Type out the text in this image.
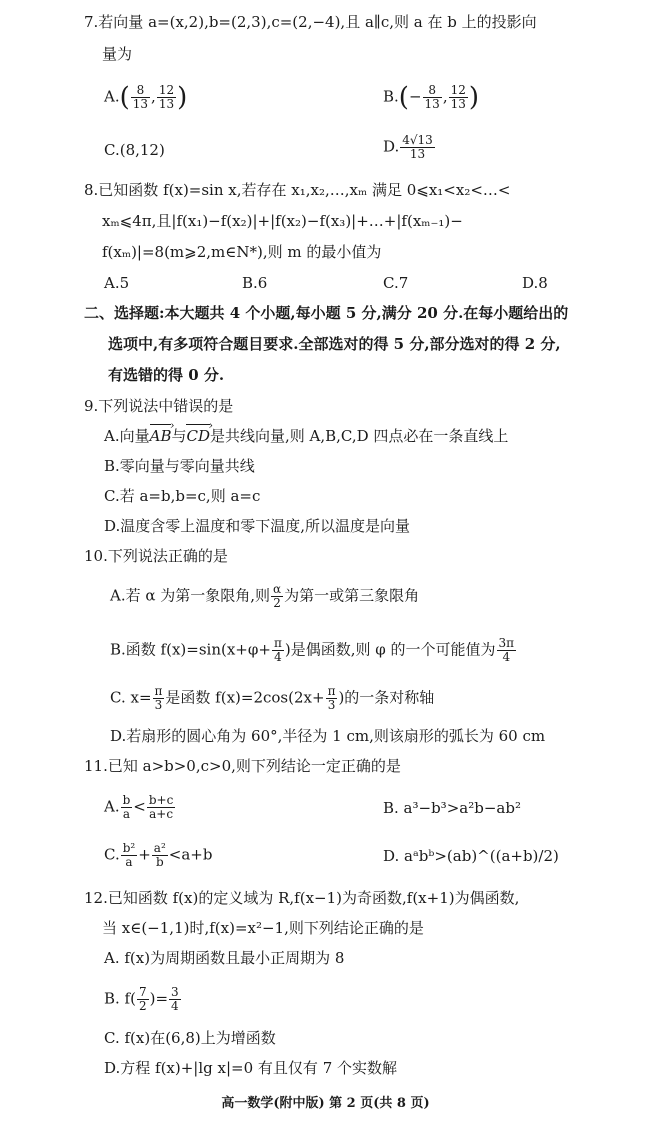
7.若向量 a=(x,2),b=(2,3),c=(2,−4),且 a∥c,则 a 在 b 上的投影向
量为
$A.( \frac{8}{13}$ , $\frac{12}{13}$ )	$B.(- \frac{8}{13}$ , $\frac{12}{13}$ )
C.(8,12)	D. $\frac{4√13}{13}$
8.已知函数 f(x)=sin x,若存在 x₁,x₂,…,xₘ 满足 0⩽x₁<x₂<…<
xₘ⩽4π,且|f(x₁)−f(x₂)|+|f(x₂)−f(x₃)|+…+|f(xₘ₋₁)−
f(xₘ)|=8(m⩾2,m∈N*),则 m 的最小值为
A.5	B.6	C.7	D.8
二、选择题:本大题共 4 个小题,每小题 5 分,满分 20 分.在每小题给出的
选项中,有多项符合题目要求.全部选对的得 5 分,部分选对的得 2 分,
有选错的得 0 分.
9.下列说法中错误的是
A.向量› AB与› CD是共线向量,则 A,B,C,D 四点必在一条直线上
B.零向量与零向量共线
C.若 a=b,b=c,则 a=c
D.温度含零上温度和零下温度,所以温度是向量
10.下列说法正确的是
A.若 α 为第一象限角,则 $\frac{\alpha}{2}$ 为第一或第三象限角
B.函数 $f(x)=\sin(x+\varphi+ \frac{\pi}{4}$ )是偶函数,则 φ 的一个可能值为 $\frac{3\pi}{4}$
C. $x= \frac{\pi}{3}$ 是函数 $f(x)=2\cos(2x+ \frac{\pi}{3}$ )的一条对称轴
D.若扇形的圆心角为 60°,半径为 1 cm,则该扇形的弧长为 60 cm
11.已知 a>b>0,c>0,则下列结论一定正确的是
A. $\frac{b}{a} < \frac{b+c}{a+c}$	B. a³−b³>a²b−ab²
C. $\frac{\text{b²}}{a} + \frac{\text{a²}}{b} <a+b$	D. aᵃbᵇ>(ab)^((a+b)/2)
12.已知函数 f(x)的定义域为 R,f(x−1)为奇函数,f(x+1)为偶函数,
当 x∈(−1,1)时,f(x)=x²−1,则下列结论正确的是
A. f(x)为周期函数且最小正周期为 8
B. $f( \frac{7}{2}$ )= $\frac{3}{4}$
C. f(x)在(6,8)上为增函数
D.方程 f(x)+|lg x|=0 有且仅有 7 个实数解
高一数学(附中版) 第 2 页(共 8 页)
